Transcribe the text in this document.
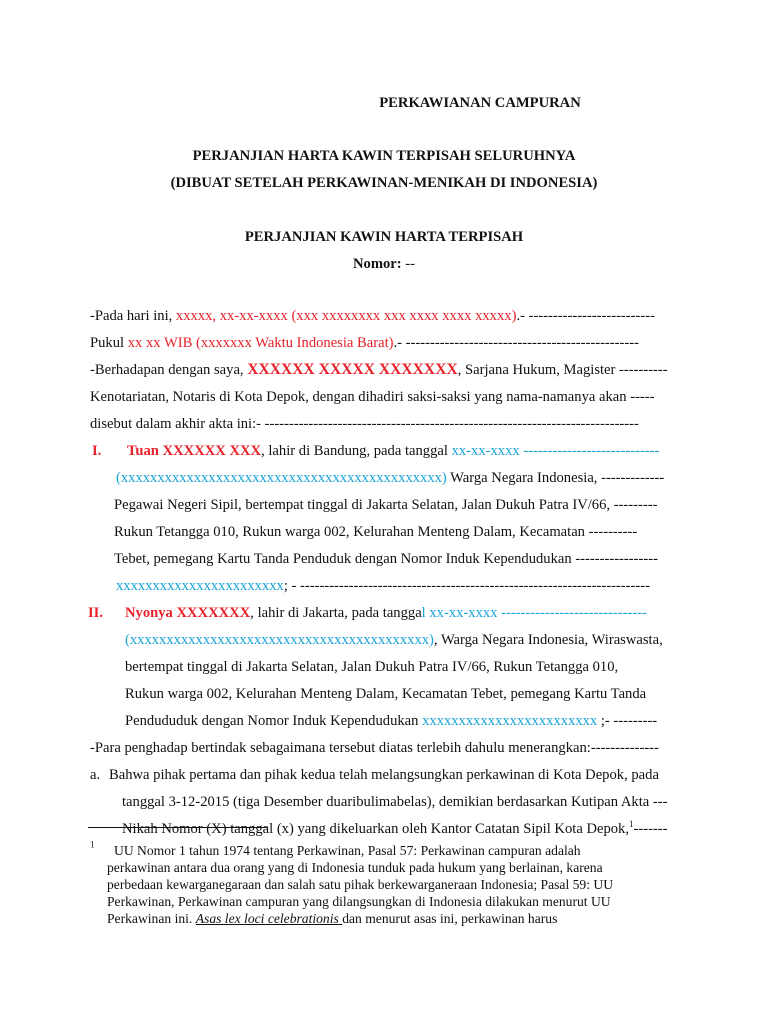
PERKAWIANAN CAMPURAN
PERJANJIAN HARTA KAWIN TERPISAH SELURUHNYA
(DIBUAT SETELAH PERKAWINAN-MENIKAH DI INDONESIA)
PERJANJIAN KAWIN HARTA TERPISAH
Nomor: --
-Pada hari ini, xxxxx, xx-xx-xxxx (xxx xxxxxxxx xxx xxxx xxxx xxxxx).- --------------------------
Pukul xx xx WIB (xxxxxxx Waktu Indonesia Barat).- ------------------------------------------------
-Berhadapan dengan saya, XXXXXX XXXXX XXXXXXX, Sarjana Hukum, Magister ----------
Kenotariatan, Notaris di Kota Depok, dengan dihadiri saksi-saksi yang nama-namanya akan -----
disebut dalam akhir akta ini:- -----------------------------------------------------------------------------
I. Tuan XXXXXX XXX, lahir di Bandung, pada tanggal xx-xx-xxxx ----------------------------
(xxxxxxxxxxxxxxxxxxxxxxxxxxxxxxxxxxxxxxxxxxxx) Warga Negara Indonesia, -------------
Pegawai Negeri Sipil, bertempat tinggal di Jakarta Selatan, Jalan Dukuh Patra IV/66, ---------
Rukun Tetangga 010, Rukun warga 002, Kelurahan Menteng Dalam, Kecamatan ----------
Tebet, pemegang Kartu Tanda Penduduk dengan Nomor Induk Kependudukan -----------------
xxxxxxxxxxxxxxxxxxxxxxx; - ------------------------------------------------------------------------
II. Nyonya XXXXXXX, lahir di Jakarta, pada tanggal xx-xx-xxxx ------------------------------
(xxxxxxxxxxxxxxxxxxxxxxxxxxxxxxxxxxxxxxxxx), Warga Negara Indonesia, Wiraswasta,
bertempat tinggal di Jakarta Selatan, Jalan Dukuh Patra IV/66, Rukun Tetangga 010,
Rukun warga 002, Kelurahan Menteng Dalam, Kecamatan Tebet, pemegang Kartu Tanda
Pendududuk dengan Nomor Induk Kependudukan xxxxxxxxxxxxxxxxxxxxxxxx ;- ---------
-Para penghadap bertindak sebagaimana tersebut diatas terlebih dahulu menerangkan:--------------
a. Bahwa pihak pertama dan pihak kedua telah melangsungkan perkawinan di Kota Depok, pada
tanggal 3-12-2015 (tiga Desember duaribulimabelas), demikian berdasarkan Kutipan Akta ---
Nikah Nomor (X) tanggal (x) yang dikeluarkan oleh Kantor Catatan Sipil Kota Depok,$^1$-------
$^1$ UU Nomor 1 tahun 1974 tentang Perkawinan, Pasal 57: Perkawinan campuran adalah
perkawinan antara dua orang yang di Indonesia tunduk pada hukum yang berlainan, karena
perbedaan kewarganegaraan dan salah satu pihak berkewarganeraan Indonesia; Pasal 59: UU
Perkawinan, Perkawinan campuran yang dilangsungkan di Indonesia dilakukan menurut UU
Perkawinan ini. Asas lex loci celebrationis dan menurut asas ini, perkawinan harus
